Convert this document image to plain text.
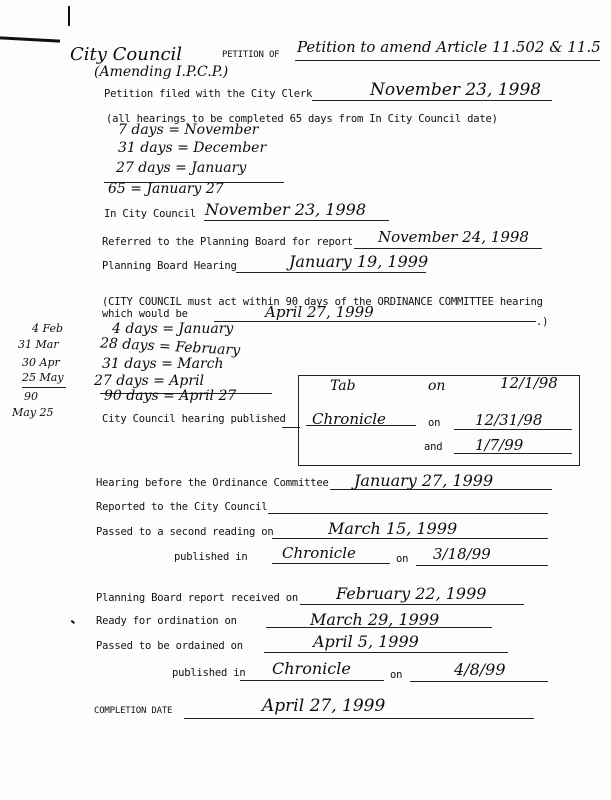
City Council	PETITION OF Petition to amend Article 11.502 & 11.5
(Amending I.P.C.P.)
Petition filed with the City Clerk	November 23, 1998
(all hearings to be completed 65 days from In City Council date)
7 days = November
31 days = December
27 days = January
65 = January 27
In City Council November 23, 1998
Referred to the Planning Board for report November 24, 1998
Planning Board Hearing	January 19, 1999
(CITY COUNCIL must act within 90 days of the ORDINANCE COMMITTEE hearing
which would be	April 27, 1999
.)
4 days = January
28 days = February
31 days = March
27 days = April
90 days = April 27
4 Feb
31 Mar
30 Apr
25 May
90
May 25	City Council hearing published
Tab	on	12/1/98
Chronicle	on 12/31/98
and 1/7/99
Hearing before the Ordinance Committee January 27, 1999
Reported to the City Council
Passed to a second reading on	March 15, 1999
published in Chronicle	on 3/18/99
Planning Board report received on February 22, 1999
Ready for ordination on	March 29, 1999
Passed to be ordained on	April 5, 1999
published in Chronicle	on	4/8/99
COMPLETION DATE	April 27, 1999
